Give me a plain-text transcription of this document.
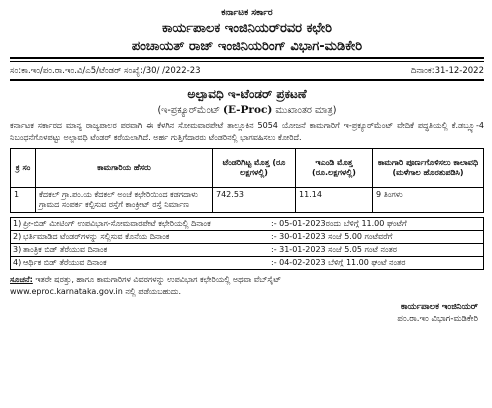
ಕರ್ನಾಟಕ ಸರ್ಕಾರ
ಕಾರ್ಯಪಾಲಕ ಇಂಜಿನಿಯರ್‌ರವರ ಕಛೇರಿ
ಪಂಚಾಯತ್ ರಾಜ್ ಇಂಜಿನಿಯರಿಂಗ್ ವಿಭಾಗ-ಮಡಿಕೇರಿ
ಸಂ:ಕಾ.ಇಂ/ಪಂ.ರಾ.ಇಂ.ವಿ/ಎ5/ಟೆಂಡರ್ ಸಂಖ್ಯೆ:/30/ /2022-23	ದಿನಾಂಕ:31-12-2022
ಅಲ್ಪಾವಧಿ ಇ-ಟೆಂಡರ್ ಪ್ರಕಟಣೆ
(ಇ-ಪ್ರಕ್ಯೂರ್‌ಮೆಂಟ್ (E-Proc) ಮುಖಾಂತರ ಮಾತ್ರ)
ಕರ್ನಾಟಕ ಸರ್ಕಾರದ ಮಾನ್ಯ ರಾಜ್ಯಪಾಲರ ಪರವಾಗಿ ಈ ಕೆಳಗಿನ ಸೋಮವಾರಪೇಟೆ ತಾಲ್ಲೂಕಿನ 5054 ಯೋಜನೆ ಕಾಮಗಾರಿಗೆ ಇ-ಪ್ರಕ್ಯೂರ್‌ಮೆಂಟ್ ವೇದಿಕೆ ಪದ್ಧತಿಯಲ್ಲಿ ಕೆ.ಡಬ್ಲ್ಯೂ-4 ನಿಬಂಧನೆಗೊಳಪಟ್ಟು ಅಲ್ಪಾವಧಿ ಟೆಂಡರ್ ಕರೆಯಲಾಗಿದೆ. ಅರ್ಹ ಗುತ್ತಿಗೆದಾರರು ಟೆಂಡರಿನಲ್ಲಿ ಭಾಗವಹಿಸಲು ಕೋರಿದೆ.
ಕ್ರ ಸಂ	ಕಾಮಗಾರಿಯ ಹೆಸರು	ಟೆಂಡರಿಗಿಟ್ಟ ಮೊತ್ತ (ರೂ ಲಕ್ಷಗಳಲ್ಲಿ)	ಇಎಂಡಿ ಮೊತ್ತ (ರೂ.ಲಕ್ಷಗಳಲ್ಲಿ)	ಕಾಮಗಾರಿ ಪೂರ್ಣಗೊಳಿಸಲು ಕಾಲಾವಧಿ (ಮಳೆಗಾಲ ಹೊರತುಪಡಿಸಿ)
1	ಕೆದಕಲ್ ಗ್ರಾ.ಪಂ.ಯ ಕೆದಕಲ್ ಅಂಚೆ ಕಛೇರಿಯಿಂದ ಕಡಗದಾಳು ಗ್ರಾಮದ ಸಂಪರ್ಕ ಕಲ್ಪಿಸುವ ರಸ್ತೆಗೆ ಕಾಂಕ್ರೀಟ್ ರಸ್ತೆ ನಿರ್ಮಾಣ	742.53	11.14	9 ತಿಂಗಳು
1) ಪ್ರೀ-ಬಿಡ್ ಮೀಟಿಂಗ್ ಉಪವಿಭಾಗ-ಸೋಮವಾರಪೇಟೆ ಕಛೇರಿಯಲ್ಲಿ ದಿನಾಂಕ	:- 05-01-2023ರಂದು ಬೆಳಿಗ್ಗೆ 11.00 ಘಂಟೆಗೆ
2) ಭರ್ತಿಮಾಡಿದ ಟೆಂಡರ್‌ಗಳನ್ನು ಸಲ್ಲಿಸುವ ಕೊನೆಯ ದಿನಾಂಕ	:- 30-01-2023 ಸಂಜೆ 5.00 ಗಂಟೆವರೆಗೆ
3) ತಾಂತ್ರಿಕ ಬಿಡ್ ತೆರೆಯುವ ದಿನಾಂಕ	:- 31-01-2023 ಸಂಜೆ 5.05 ಗಂಟೆ ನಂತರ
4) ಆರ್ಥಿಕ ಬಿಡ್ ತೆರೆಯುವ ದಿನಾಂಕ	:- 04-02-2023 ಬೆಳಿಗ್ಗೆ 11.00 ಘಂಟೆ ನಂತರ
ಸೂಚನೆ: ಇತರೇ ಷರತ್ತು, ಹಾಗೂ ಕಾಮಗಾರಿಗಳ ವಿವರಗಳನ್ನು ಉಪವಿಭಾಗ ಕಛೇರಿಯಲ್ಲಿ ಅಥವಾ ವೆಬ್‌ಸೈಟ್
www.eproc.karnataka.gov.in ನಲ್ಲಿ ಪಡೆಯಬಹುದು.
ಕಾರ್ಯಪಾಲಕ ಇಂಜಿನಿಯರ್
ಪಂ.ರಾ.ಇಂ ವಿಭಾಗ-ಮಡಿಕೇರಿ
